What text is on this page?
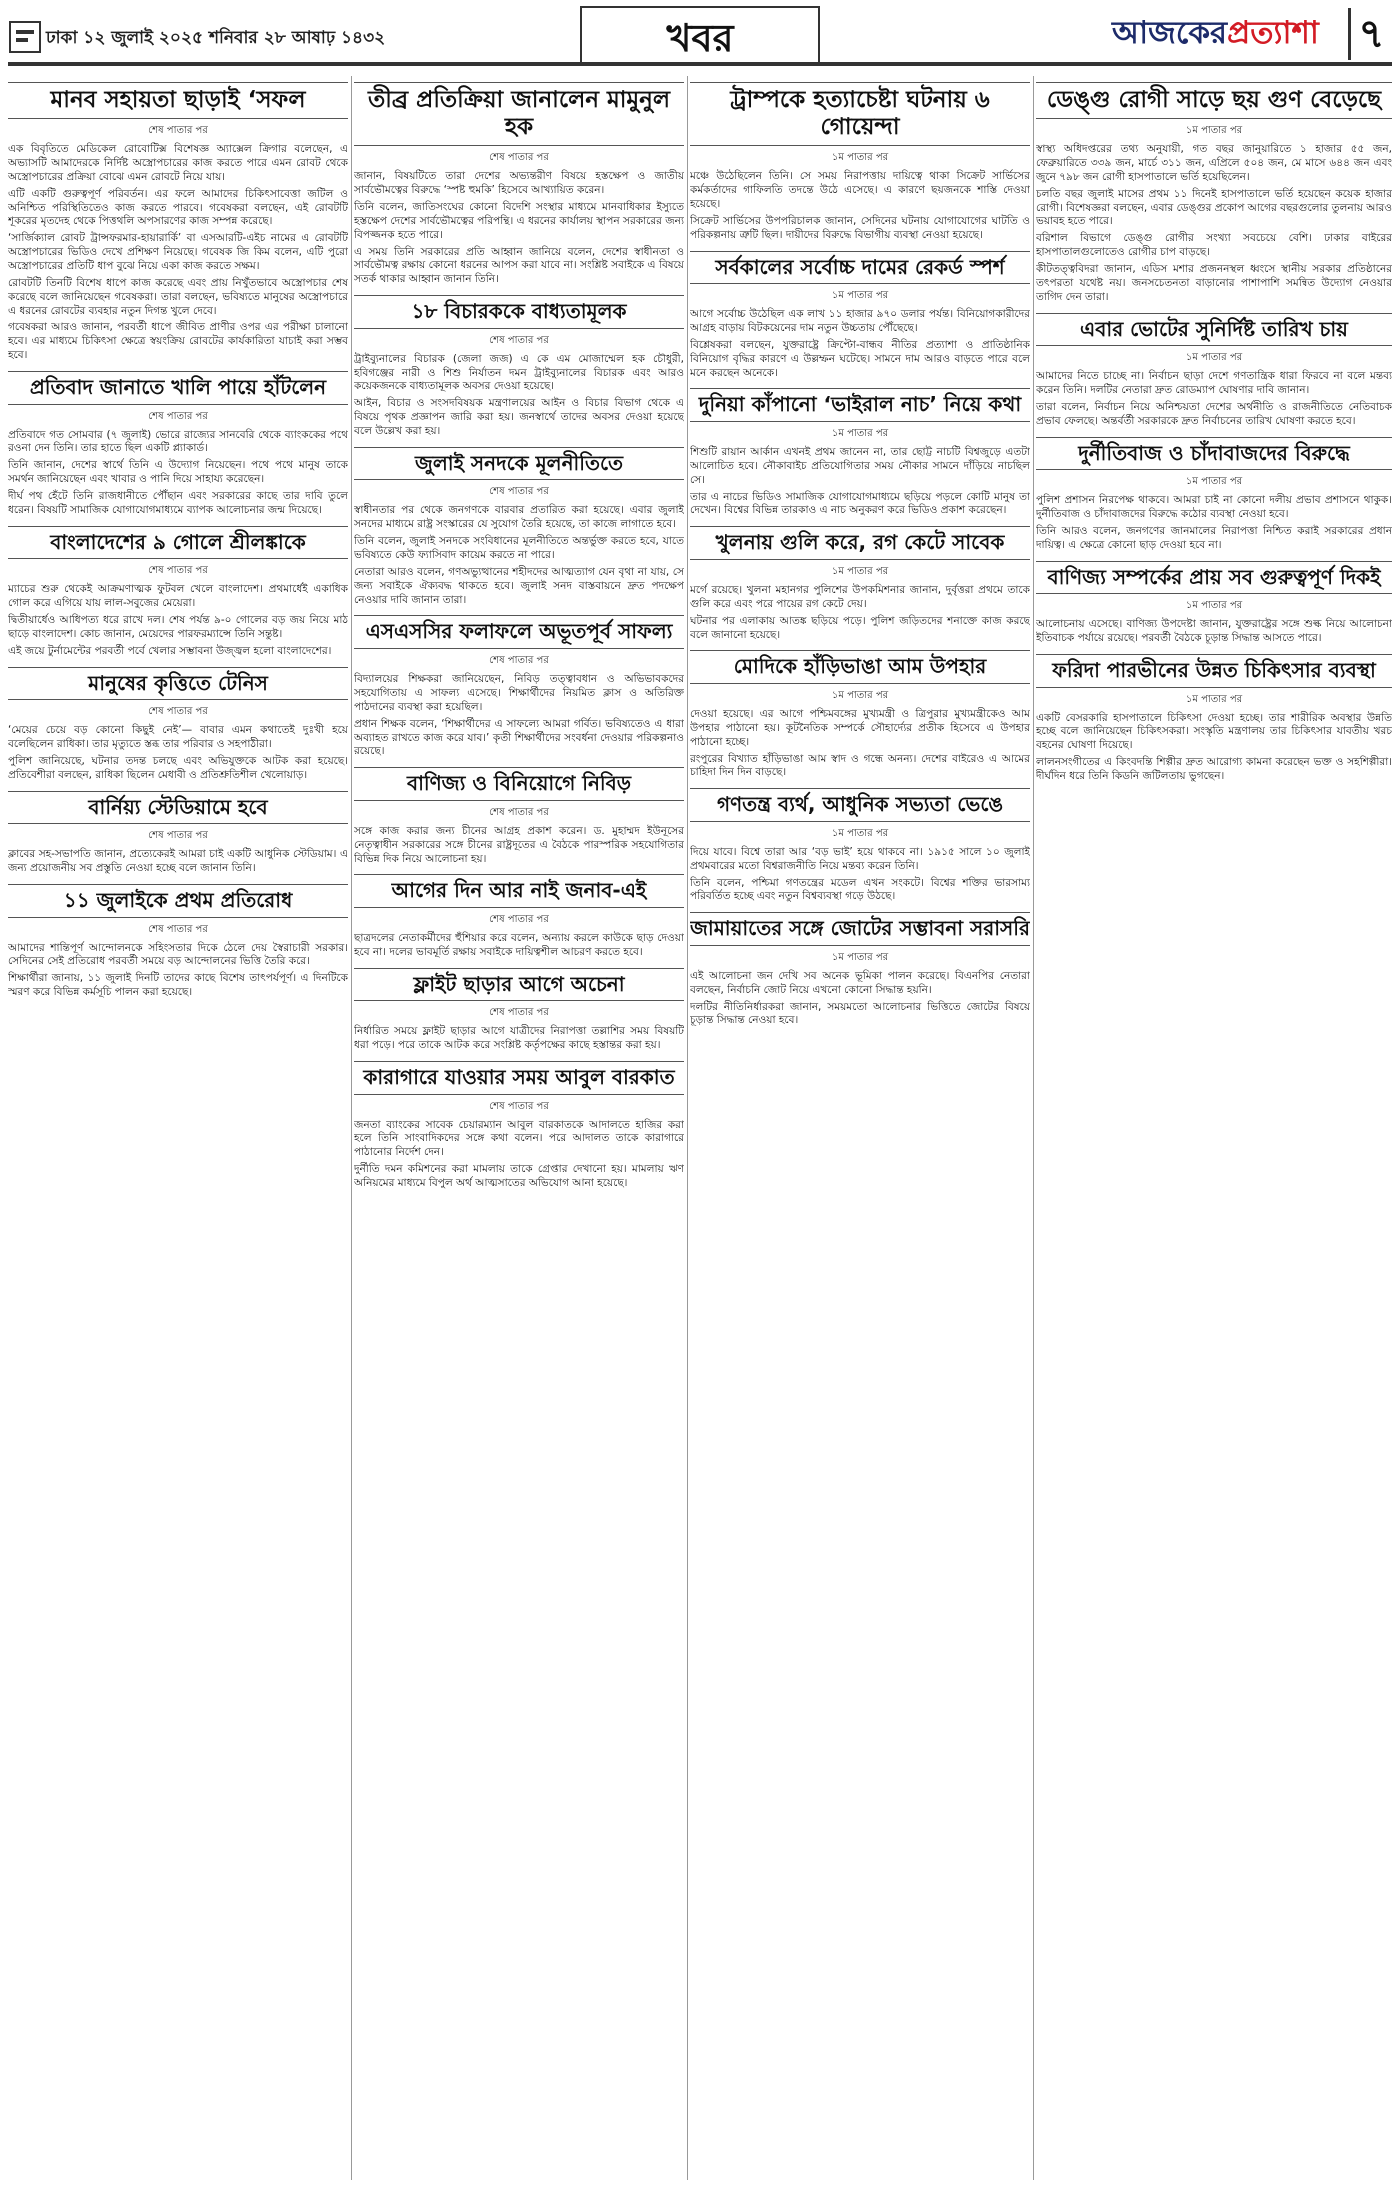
ঢাকা ১২ জুলাই ২০২৫ শনিবার ২৮ আষাঢ় ১৪৩২	খবর	আজকেরপ্রত্যাশা ৭
মানব সহায়তা ছাড়াই ‘সফল
শেষ পাতার পর

এক বিবৃতিতে মেডিকেল রোবোটিক্স বিশেষজ্ঞ অ্যাক্সেল ক্রিগার বলেছেন, এ অভ্যাসটি আমাদেরকে নির্দিষ্ট অস্ত্রোপচারের কাজ করতে পারে এমন রোবট থেকে অস্ত্রোপচারের প্রক্রিয়া বোঝে এমন রোবটে নিয়ে যায়।

এটি একটি গুরুত্বপূর্ণ পরিবর্তন। এর ফলে আমাদের চিকিৎসাবেত্তা জটিল ও অনিশ্চিত পরিস্থিতিতেও কাজ করতে পারবে। গবেষকরা বলছেন, এই রোবটটি শূকরের মৃতদেহ থেকে পিত্তথলি অপসারণের কাজ সম্পন্ন করেছে।

‘সার্জিক্যাল রোবট ট্রান্সফরমার-হায়ারার্কি’ বা এসআরটি-এইচ নামের এ রোবটটি অস্ত্রোপচারের ভিডিও দেখে প্রশিক্ষণ নিয়েছে। গবেষক জি কিম বলেন, এটি পুরো অস্ত্রোপচারের প্রতিটি ধাপ বুঝে নিয়ে একা কাজ করতে সক্ষম।

রোবটটি তিনটি বিশেষ ধাপে কাজ করেছে এবং প্রায় নিখুঁতভাবে অস্ত্রোপচার শেষ করেছে বলে জানিয়েছেন গবেষকরা। তারা বলছেন, ভবিষ্যতে মানুষের অস্ত্রোপচারে এ ধরনের রোবটের ব্যবহার নতুন দিগন্ত খুলে দেবে।

গবেষকরা আরও জানান, পরবর্তী ধাপে জীবিত প্রাণীর ওপর এর পরীক্ষা চালানো হবে। এর মাধ্যমে চিকিৎসা ক্ষেত্রে স্বয়ংক্রিয় রোবটের কার্যকারিতা যাচাই করা সম্ভব হবে।

প্রতিবাদ জানাতে খালি পায়ে হাঁটলেন
শেষ পাতার পর

প্রতিবাদে গত সোমবার (৭ জুলাই) ভোরে রাজ্যের সানবেরি থেকে ব্যাংককের পথে রওনা দেন তিনি। তার হাতে ছিল একটি প্ল্যাকার্ড।

তিনি জানান, দেশের স্বার্থে তিনি এ উদ্যোগ নিয়েছেন। পথে পথে মানুষ তাকে সমর্থন জানিয়েছেন এবং খাবার ও পানি দিয়ে সাহায্য করেছেন।

দীর্ঘ পথ হেঁটে তিনি রাজধানীতে পৌঁছান এবং সরকারের কাছে তার দাবি তুলে ধরেন। বিষয়টি সামাজিক যোগাযোগমাধ্যমে ব্যাপক আলোচনার জন্ম দিয়েছে।

বাংলাদেশের ৯ গোলে শ্রীলঙ্কাকে
শেষ পাতার পর

ম্যাচের শুরু থেকেই আক্রমণাত্মক ফুটবল খেলে বাংলাদেশ। প্রথমার্ধেই একাধিক গোল করে এগিয়ে যায় লাল-সবুজের মেয়েরা।

দ্বিতীয়ার্ধেও আধিপত্য ধরে রাখে দল। শেষ পর্যন্ত ৯-০ গোলের বড় জয় নিয়ে মাঠ ছাড়ে বাংলাদেশ। কোচ জানান, মেয়েদের পারফরম্যান্সে তিনি সন্তুষ্ট।

এই জয়ে টুর্নামেন্টের পরবর্তী পর্বে খেলার সম্ভাবনা উজ্জ্বল হলো বাংলাদেশের।

মানুষের কৃত্তিতে টেনিস
শেষ পাতার পর

‘মেয়ের চেয়ে বড় কোনো কিছুই নেই’— বাবার এমন কথাতেই দুঃখী হয়ে বলেছিলেন রাধিকা। তার মৃত্যুতে স্তব্ধ তার পরিবার ও সহপাঠীরা।

পুলিশ জানিয়েছে, ঘটনার তদন্ত চলছে এবং অভিযুক্তকে আটক করা হয়েছে। প্রতিবেশীরা বলছেন, রাধিকা ছিলেন মেধাবী ও প্রতিশ্রুতিশীল খেলোয়াড়।

বার্নিয়্য স্টেডিয়ামে হবে
শেষ পাতার পর

ক্লাবের সহ-সভাপতি জানান, প্রত্যেকেরই আমরা চাই একটি আধুনিক স্টেডিয়াম। এ জন্য প্রয়োজনীয় সব প্রস্তুতি নেওয়া হচ্ছে বলে জানান তিনি।

১১ জুলাইকে প্রথম প্রতিরোধ
শেষ পাতার পর

আমাদের শান্তিপূর্ণ আন্দোলনকে সহিংসতার দিকে ঠেলে দেয় স্বৈরাচারী সরকার। সেদিনের সেই প্রতিরোধ পরবর্তী সময়ে বড় আন্দোলনের ভিত্তি তৈরি করে।

শিক্ষার্থীরা জানায়, ১১ জুলাই দিনটি তাদের কাছে বিশেষ তাৎপর্যপূর্ণ। এ দিনটিকে স্মরণ করে বিভিন্ন কর্মসূচি পালন করা হয়েছে।

তীব্র প্রতিক্রিয়া জানালেন মামুনুল হক
শেষ পাতার পর

জানান, বিষয়টিতে তারা দেশের অভ্যন্তরীণ বিষয়ে হস্তক্ষেপ ও জাতীয় সার্বভৌমত্বের বিরুদ্ধে ‘স্পষ্ট হুমকি’ হিসেবে আখ্যায়িত করেন।

তিনি বলেন, জাতিসংঘের কোনো বিদেশি সংস্থার মাধ্যমে মানবাধিকার ইস্যুতে হস্তক্ষেপ দেশের সার্বভৌমত্বের পরিপন্থি। এ ধরনের কার্যালয় স্থাপন সরকারের জন্য বিপজ্জনক হতে পারে।

এ সময় তিনি সরকারের প্রতি আহ্বান জানিয়ে বলেন, দেশের স্বাধীনতা ও সার্বভৌমত্ব রক্ষায় কোনো ধরনের আপস করা যাবে না। সংশ্লিষ্ট সবাইকে এ বিষয়ে সতর্ক থাকার আহ্বান জানান তিনি।

১৮ বিচারককে বাধ্যতামূলক
শেষ পাতার পর

ট্রাইব্যুনালের বিচারক (জেলা জজ) এ কে এম মোজাম্মেল হক চৌধুরী, হবিগঞ্জের নারী ও শিশু নির্যাতন দমন ট্রাইব্যুনালের বিচারক এবং আরও কয়েকজনকে বাধ্যতামূলক অবসর দেওয়া হয়েছে।

আইন, বিচার ও সংসদবিষয়ক মন্ত্রণালয়ের আইন ও বিচার বিভাগ থেকে এ বিষয়ে পৃথক প্রজ্ঞাপন জারি করা হয়। জনস্বার্থে তাদের অবসর দেওয়া হয়েছে বলে উল্লেখ করা হয়।

জুলাই সনদকে মূলনীতিতে
শেষ পাতার পর

স্বাধীনতার পর থেকে জনগণকে বারবার প্রতারিত করা হয়েছে। এবার জুলাই সনদের মাধ্যমে রাষ্ট্র সংস্কারের যে সুযোগ তৈরি হয়েছে, তা কাজে লাগাতে হবে।

তিনি বলেন, জুলাই সনদকে সংবিধানের মূলনীতিতে অন্তর্ভুক্ত করতে হবে, যাতে ভবিষ্যতে কেউ ফ্যাসিবাদ কায়েম করতে না পারে।

নেতারা আরও বলেন, গণঅভ্যুত্থানের শহীদদের আত্মত্যাগ যেন বৃথা না যায়, সে জন্য সবাইকে ঐক্যবদ্ধ থাকতে হবে। জুলাই সনদ বাস্তবায়নে দ্রুত পদক্ষেপ নেওয়ার দাবি জানান তারা।

এসএসসির ফলাফলে অভূতপূর্ব সাফল্য
শেষ পাতার পর

বিদ্যালয়ের শিক্ষকরা জানিয়েছেন, নিবিড় তত্ত্বাবধান ও অভিভাবকদের সহযোগিতায় এ সাফল্য এসেছে। শিক্ষার্থীদের নিয়মিত ক্লাস ও অতিরিক্ত পাঠদানের ব্যবস্থা করা হয়েছিল।

প্রধান শিক্ষক বলেন, ‘শিক্ষার্থীদের এ সাফল্যে আমরা গর্বিত। ভবিষ্যতেও এ ধারা অব্যাহত রাখতে কাজ করে যাব।’ কৃতী শিক্ষার্থীদের সংবর্ধনা দেওয়ার পরিকল্পনাও রয়েছে।

বাণিজ্য ও বিনিয়োগে নিবিড়
শেষ পাতার পর

সঙ্গে কাজ করার জন্য চীনের আগ্রহ প্রকাশ করেন। ড. মুহাম্মদ ইউনূসের নেতৃত্বাধীন সরকারের সঙ্গে চীনের রাষ্ট্রদূতের এ বৈঠকে পারস্পরিক সহযোগিতার বিভিন্ন দিক নিয়ে আলোচনা হয়।

আগের দিন আর নাই জনাব-এই
শেষ পাতার পর

ছাত্রদলের নেতাকর্মীদের হুঁশিয়ার করে বলেন, অন্যায় করলে কাউকে ছাড় দেওয়া হবে না। দলের ভাবমূর্তি রক্ষায় সবাইকে দায়িত্বশীল আচরণ করতে হবে।

ফ্লাইট ছাড়ার আগে অচেনা
শেষ পাতার পর

নির্ধারিত সময়ে ফ্লাইট ছাড়ার আগে যাত্রীদের নিরাপত্তা তল্লাশির সময় বিষয়টি ধরা পড়ে। পরে তাকে আটক করে সংশ্লিষ্ট কর্তৃপক্ষের কাছে হস্তান্তর করা হয়।

কারাগারে যাওয়ার সময় আবুল বারকাত
শেষ পাতার পর

জনতা ব্যাংকের সাবেক চেয়ারম্যান আবুল বারকাতকে আদালতে হাজির করা হলে তিনি সাংবাদিকদের সঙ্গে কথা বলেন। পরে আদালত তাকে কারাগারে পাঠানোর নির্দেশ দেন।

দুর্নীতি দমন কমিশনের করা মামলায় তাকে গ্রেপ্তার দেখানো হয়। মামলায় ঋণ অনিয়মের মাধ্যমে বিপুল অর্থ আত্মসাতের অভিযোগ আনা হয়েছে।

ট্রাম্পকে হত্যাচেষ্টা ঘটনায় ৬ গোয়েন্দা
১ম পাতার পর

মঞ্চে উঠেছিলেন তিনি। সে সময় নিরাপত্তায় দায়িত্বে থাকা সিক্রেট সার্ভিসের কর্মকর্তাদের গাফিলতি তদন্তে উঠে এসেছে। এ কারণে ছয়জনকে শাস্তি দেওয়া হয়েছে।

সিক্রেট সার্ভিসের উপপরিচালক জানান, সেদিনের ঘটনায় যোগাযোগের ঘাটতি ও পরিকল্পনায় ত্রুটি ছিল। দায়ীদের বিরুদ্ধে বিভাগীয় ব্যবস্থা নেওয়া হয়েছে।

সর্বকালের সর্বোচ্চ দামের রেকর্ড স্পর্শ
১ম পাতার পর

আগে সর্বোচ্চ উঠেছিল এক লাখ ১১ হাজার ৯৭০ ডলার পর্যন্ত। বিনিয়োগকারীদের আগ্রহ বাড়ায় বিটকয়েনের দাম নতুন উচ্চতায় পৌঁছেছে।

বিশ্লেষকরা বলছেন, যুক্তরাষ্ট্রে ক্রিপ্টো-বান্ধব নীতির প্রত্যাশা ও প্রাতিষ্ঠানিক বিনিয়োগ বৃদ্ধির কারণে এ উল্লম্ফন ঘটেছে। সামনে দাম আরও বাড়তে পারে বলে মনে করছেন অনেকে।

দুনিয়া কাঁপানো ‘ভাইরাল নাচ’ নিয়ে কথা
১ম পাতার পর

শিশুটি রায়ান আর্কান এখনই প্রথম জানেন না, তার ছোট্ট নাচটি বিশ্বজুড়ে এতটা আলোচিত হবে। নৌকাবাইচ প্রতিযোগিতার সময় নৌকার সামনে দাঁড়িয়ে নাচছিল সে।

তার এ নাচের ভিডিও সামাজিক যোগাযোগমাধ্যমে ছড়িয়ে পড়লে কোটি মানুষ তা দেখেন। বিশ্বের বিভিন্ন তারকাও এ নাচ অনুকরণ করে ভিডিও প্রকাশ করেছেন।

খুলনায় গুলি করে, রগ কেটে সাবেক
১ম পাতার পর

মর্গে রয়েছে। খুলনা মহানগর পুলিশের উপকমিশনার জানান, দুর্বৃত্তরা প্রথমে তাকে গুলি করে এবং পরে পায়ের রগ কেটে দেয়।

ঘটনার পর এলাকায় আতঙ্ক ছড়িয়ে পড়ে। পুলিশ জড়িতদের শনাক্তে কাজ করছে বলে জানানো হয়েছে।

মোদিকে হাঁড়িভাঙা আম উপহার
১ম পাতার পর

দেওয়া হয়েছে। এর আগে পশ্চিমবঙ্গের মুখ্যমন্ত্রী ও ত্রিপুরার মুখ্যমন্ত্রীকেও আম উপহার পাঠানো হয়। কূটনৈতিক সম্পর্কে সৌহার্দ্যের প্রতীক হিসেবে এ উপহার পাঠানো হচ্ছে।

রংপুরের বিখ্যাত হাঁড়িভাঙা আম স্বাদ ও গন্ধে অনন্য। দেশের বাইরেও এ আমের চাহিদা দিন দিন বাড়ছে।

গণতন্ত্র ব্যর্থ, আধুনিক সভ্যতা ভেঙে
১ম পাতার পর

দিয়ে যাবে। বিশ্বে তারা আর ‘বড় ভাই’ হয়ে থাকবে না। ১৯১৫ সালে ১০ জুলাই প্রথমবারের মতো বিশ্বরাজনীতি নিয়ে মন্তব্য করেন তিনি।

তিনি বলেন, পশ্চিমা গণতন্ত্রের মডেল এখন সংকটে। বিশ্বের শক্তির ভারসাম্য পরিবর্তিত হচ্ছে এবং নতুন বিশ্বব্যবস্থা গড়ে উঠছে।

জামায়াতের সঙ্গে জোটের সম্ভাবনা সরাসরি
১ম পাতার পর

এই আলোচনা জন দেখি সব অনেক ভূমিকা পালন করেছে। বিএনপির নেতারা বলছেন, নির্বাচনি জোট নিয়ে এখনো কোনো সিদ্ধান্ত হয়নি।

দলটির নীতিনির্ধারকরা জানান, সময়মতো আলোচনার ভিত্তিতে জোটের বিষয়ে চূড়ান্ত সিদ্ধান্ত নেওয়া হবে।

ডেঙ্গু রোগী সাড়ে ছয় গুণ বেড়েছে
১ম পাতার পর

স্বাস্থ্য অধিদপ্তরের তথ্য অনুযায়ী, গত বছর জানুয়ারিতে ১ হাজার ৫৫ জন, ফেব্রুয়ারিতে ৩৩৯ জন, মার্চে ৩১১ জন, এপ্রিলে ৫০৪ জন, মে মাসে ৬৪৪ জন এবং জুনে ৭৯৮ জন রোগী হাসপাতালে ভর্তি হয়েছিলেন।

চলতি বছর জুলাই মাসের প্রথম ১১ দিনেই হাসপাতালে ভর্তি হয়েছেন কয়েক হাজার রোগী। বিশেষজ্ঞরা বলছেন, এবার ডেঙ্গুর প্রকোপ আগের বছরগুলোর তুলনায় আরও ভয়াবহ হতে পারে।

বরিশাল বিভাগে ডেঙ্গু রোগীর সংখ্যা সবচেয়ে বেশি। ঢাকার বাইরের হাসপাতালগুলোতেও রোগীর চাপ বাড়ছে।

কীটতত্ত্ববিদরা জানান, এডিস মশার প্রজননস্থল ধ্বংসে স্থানীয় সরকার প্রতিষ্ঠানের তৎপরতা যথেষ্ট নয়। জনসচেতনতা বাড়ানোর পাশাপাশি সমন্বিত উদ্যোগ নেওয়ার তাগিদ দেন তারা।

এবার ভোটের সুনির্দিষ্ট তারিখ চায়
১ম পাতার পর

আমাদের নিতে চাচ্ছে না। নির্বাচন ছাড়া দেশে গণতান্ত্রিক ধারা ফিরবে না বলে মন্তব্য করেন তিনি। দলটির নেতারা দ্রুত রোডম্যাপ ঘোষণার দাবি জানান।

তারা বলেন, নির্বাচন নিয়ে অনিশ্চয়তা দেশের অর্থনীতি ও রাজনীতিতে নেতিবাচক প্রভাব ফেলছে। অন্তর্বর্তী সরকারকে দ্রুত নির্বাচনের তারিখ ঘোষণা করতে হবে।

দুর্নীতিবাজ ও চাঁদাবাজদের বিরুদ্ধে
১ম পাতার পর

পুলিশ প্রশাসন নিরপেক্ষ থাকবে। আমরা চাই না কোনো দলীয় প্রভাব প্রশাসনে থাকুক। দুর্নীতিবাজ ও চাঁদাবাজদের বিরুদ্ধে কঠোর ব্যবস্থা নেওয়া হবে।

তিনি আরও বলেন, জনগণের জানমালের নিরাপত্তা নিশ্চিত করাই সরকারের প্রধান দায়িত্ব। এ ক্ষেত্রে কোনো ছাড় দেওয়া হবে না।

বাণিজ্য সম্পর্কের প্রায় সব গুরুত্বপূর্ণ দিকই
১ম পাতার পর

আলোচনায় এসেছে। বাণিজ্য উপদেষ্টা জানান, যুক্তরাষ্ট্রের সঙ্গে শুল্ক নিয়ে আলোচনা ইতিবাচক পর্যায়ে রয়েছে। পরবর্তী বৈঠকে চূড়ান্ত সিদ্ধান্ত আসতে পারে।

ফরিদা পারভীনের উন্নত চিকিৎসার ব্যবস্থা
১ম পাতার পর

একটি বেসরকারি হাসপাতালে চিকিৎসা দেওয়া হচ্ছে। তার শারীরিক অবস্থার উন্নতি হচ্ছে বলে জানিয়েছেন চিকিৎসকরা। সংস্কৃতি মন্ত্রণালয় তার চিকিৎসার যাবতীয় খরচ বহনের ঘোষণা দিয়েছে।

লালনসংগীতের এ কিংবদন্তি শিল্পীর দ্রুত আরোগ্য কামনা করেছেন ভক্ত ও সহশিল্পীরা। দীর্ঘদিন ধরে তিনি কিডনি জটিলতায় ভুগছেন।
